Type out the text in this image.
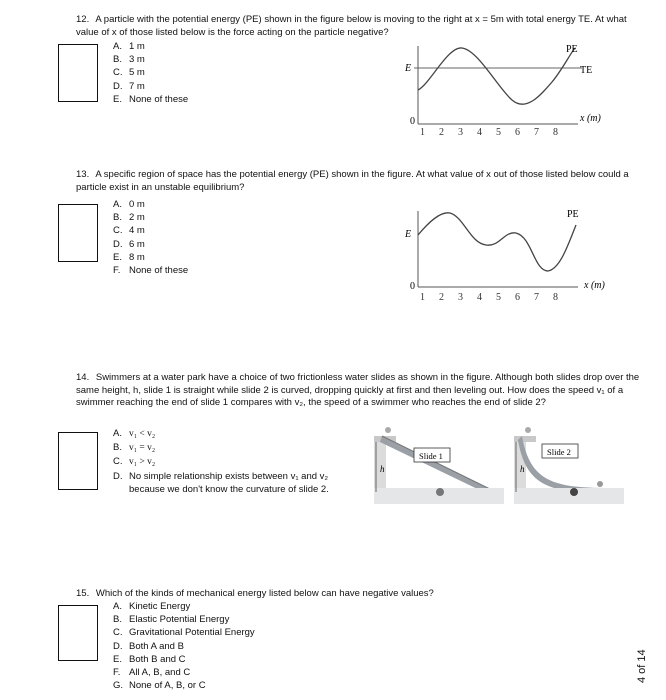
12. A particle with the potential energy (PE) shown in the figure below is moving to the right at x = 5m with total energy TE. At what value of x of those listed below is the force acting on the particle negative?
A. 1 m
B. 3 m
C. 5 m
D. 7 m
E. None of these
E
PE
TE
0	x (m)
1 2 3 4 5 6 7 8
13. A specific region of space has the potential energy (PE) shown in the figure. At what value of x out of those listed below could a particle exist in an unstable equilibrium?
A. 0 m
B. 2 m
C. 4 m
D. 6 m
E. 8 m
F. None of these
E
PE
0	x (m)
1 2 3 4 5 6 7 8
14. Swimmers at a water park have a choice of two frictionless water slides as shown in the figure. Although both slides drop over the same height, h, slide 1 is straight while slide 2 is curved, dropping quickly at first and then leveling out. How does the speed v₁ of a swimmer reaching the end of slide 1 compares with v₂, the speed of a swimmer who reaches the end of slide 2?
A. v₁ < v₂
B. v₁ = v₂
C. v₁ > v₂
D. No simple relationship exists between v₁ and v₂
because we don't know the curvature of slide 2.
Slide 1
h
Slide 2
h
15. Which of the kinds of mechanical energy listed below can have negative values?
A. Kinetic Energy
B. Elastic Potential Energy
C. Gravitational Potential Energy
D. Both A and B
E. Both B and C
F. All A, B, and C
G. None of A, B, or C
4 of 14
